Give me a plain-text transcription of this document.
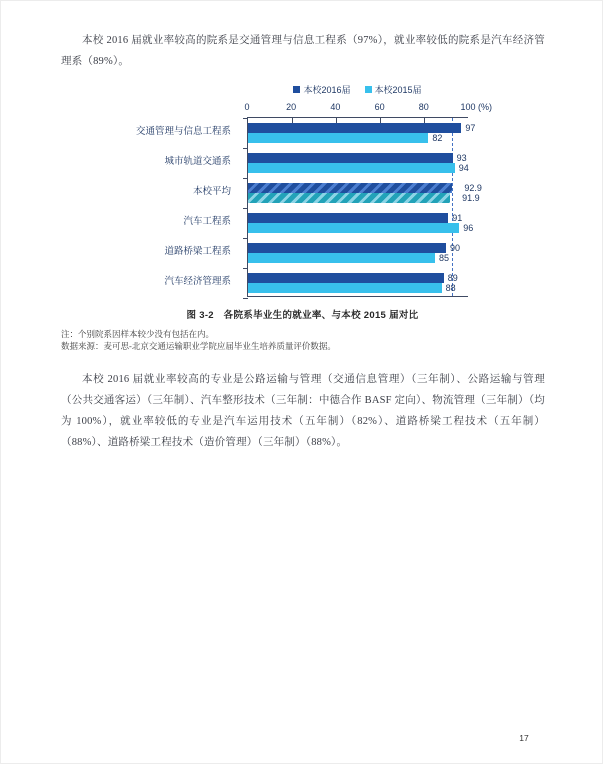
本校 2016 届就业率较高的院系是交通管理与信息工程系（97%），就业率较低的院系是汽车经济管理系（89%）。

本校2016届	本校2015届
0	20	40	60	80	100 (%)
交通管理与信息工程系
城市轨道交通系
本校平均
汽车工程系
道路桥梁工程系
汽车经济管理系
97
82
93
94
92.9
91.9
91
96
90
85
89
88
图 3-2　各院系毕业生的就业率、与本校 2015 届对比
注：个别院系因样本较少没有包括在内。
数据来源：麦可思-北京交通运输职业学院应届毕业生培养质量评价数据。

本校 2016 届就业率较高的专业是公路运输与管理（交通信息管理）（三年制）、公路运输与管理（公共交通客运）（三年制）、汽车整形技术（三年制：中德合作 BASF 定向）、物流管理（三年制）（均为 100%），就业率较低的专业是汽车运用技术（五年制）（82%）、道路桥梁工程技术（五年制）（88%）、道路桥梁工程技术（造价管理）（三年制）（88%）。

17
